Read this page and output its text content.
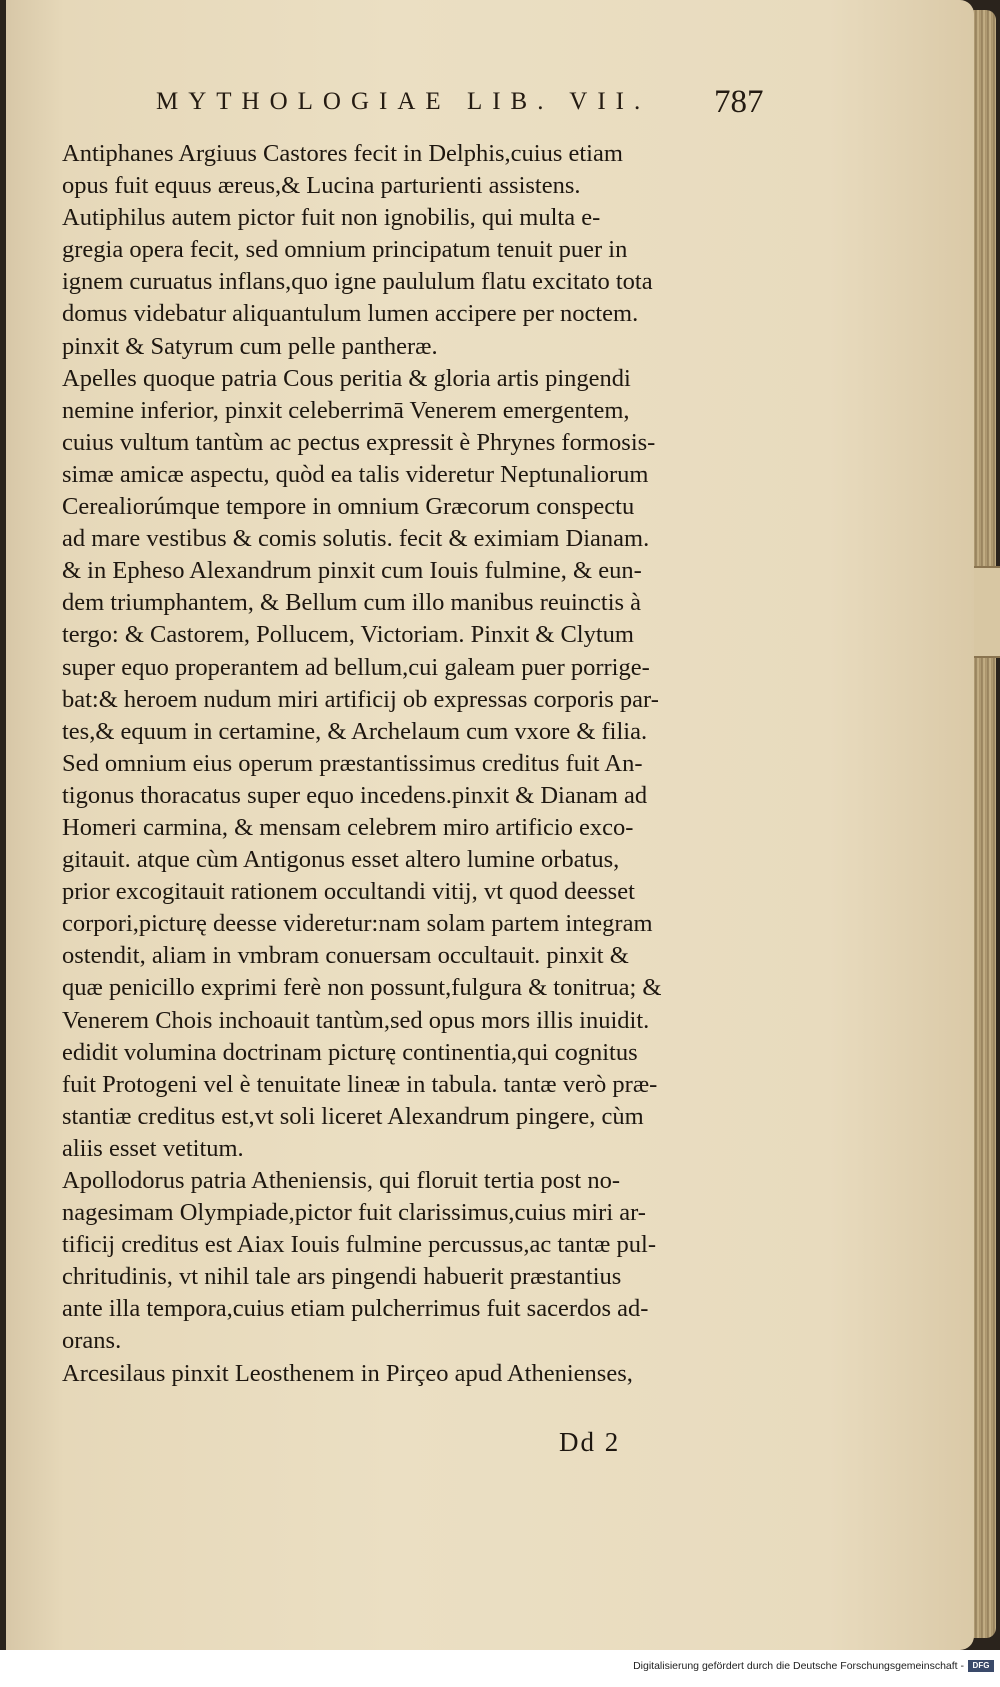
MYTHOLOGIAE LIB. VII.	787
Antiphanes Argiuus Castores fecit in Delphis,cuius etiam
opus fuit equus æreus,& Lucina parturienti assistens.
Autiphilus autem pictor fuit non ignobilis, qui multa e-
gregia opera fecit, sed omnium principatum tenuit puer in
ignem curuatus inflans,quo igne paululum flatu excitato tota
domus videbatur aliquantulum lumen accipere per noctem.
pinxit & Satyrum cum pelle pantheræ.
Apelles quoque patria Cous peritia & gloria artis pingendi
nemine inferior, pinxit celeberrimā Venerem emergentem,
cuius vultum tantùm ac pectus expressit è Phrynes formosis-
simæ amicæ aspectu, quòd ea talis videretur Neptunaliorum
Cerealiorúmque tempore in omnium Græcorum conspectu
ad mare vestibus & comis solutis. fecit & eximiam Dianam.
& in Epheso Alexandrum pinxit cum Iouis fulmine, & eun-
dem triumphantem, & Bellum cum illo manibus reuinctis à
tergo: & Castorem, Pollucem, Victoriam. Pinxit & Clytum
super equo properantem ad bellum,cui galeam puer porrige-
bat:& heroem nudum miri artificij ob expressas corporis par-
tes,& equum in certamine, & Archelaum cum vxore & filia.
Sed omnium eius operum præstantissimus creditus fuit An-
tigonus thoracatus super equo incedens.pinxit & Dianam ad
Homeri carmina, & mensam celebrem miro artificio exco-
gitauit. atque cùm Antigonus esset altero lumine orbatus,
prior excogitauit rationem occultandi vitij, vt quod deesset
corpori,picturę deesse videretur:nam solam partem integram
ostendit, aliam in vmbram conuersam occultauit. pinxit &
quæ penicillo exprimi ferè non possunt,fulgura & tonitrua; &
Venerem Chois inchoauit tantùm,sed opus mors illis inuidit.
edidit volumina doctrinam picturę continentia,qui cognitus
fuit Protogeni vel è tenuitate lineæ in tabula. tantæ verò præ-
stantiæ creditus est,vt soli liceret Alexandrum pingere, cùm
aliis esset vetitum.
Apollodorus patria Atheniensis, qui floruit tertia post no-
nagesimam Olympiade,pictor fuit clarissimus,cuius miri ar-
tificij creditus est Aiax Iouis fulmine percussus,ac tantæ pul-
chritudinis, vt nihil tale ars pingendi habuerit præstantius
ante illa tempora,cuius etiam pulcherrimus fuit sacerdos ad-
orans.
Arcesilaus pinxit Leosthenem in Pirçeo apud Athenienses,
Dd 2
Digitalisierung gefördert durch die Deutsche Forschungsgemeinschaft -	DFG
